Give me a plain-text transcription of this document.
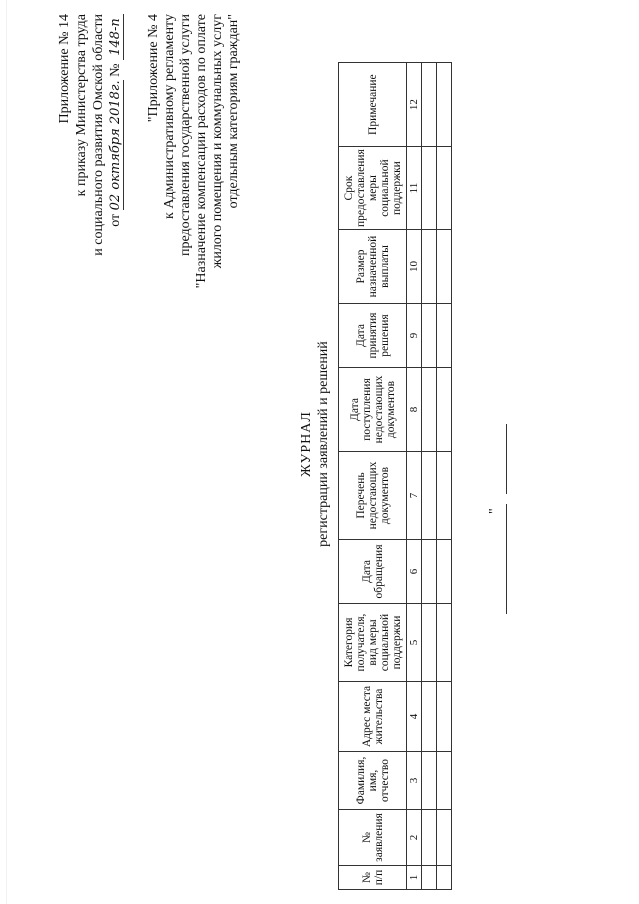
Приложение № 14 к приказу Министерства труда и социального развития Омской области от 02 октября 2018г. № 148-п "Приложение № 4 к Административному регламенту предоставления государственной услуги "Назначение компенсации расходов по оплате жилого помещения и коммунальных услуг отдельным категориям граждан"
ЖУРНАЛ регистрации заявлений и решений
№ п/п	№ заявления	Фамилия, имя, отчество	Адрес места жительства	Категория получателя, вид меры социальной поддержки	Дата обращения	Перечень недостающих документов	Дата поступления недостающих документов	Дата принятия решения	Размер назначенной выплаты	Срок предоставления меры социальной поддержки	Примечание
1	2	3	4	5	6	7	8	9	10	11	12

"
